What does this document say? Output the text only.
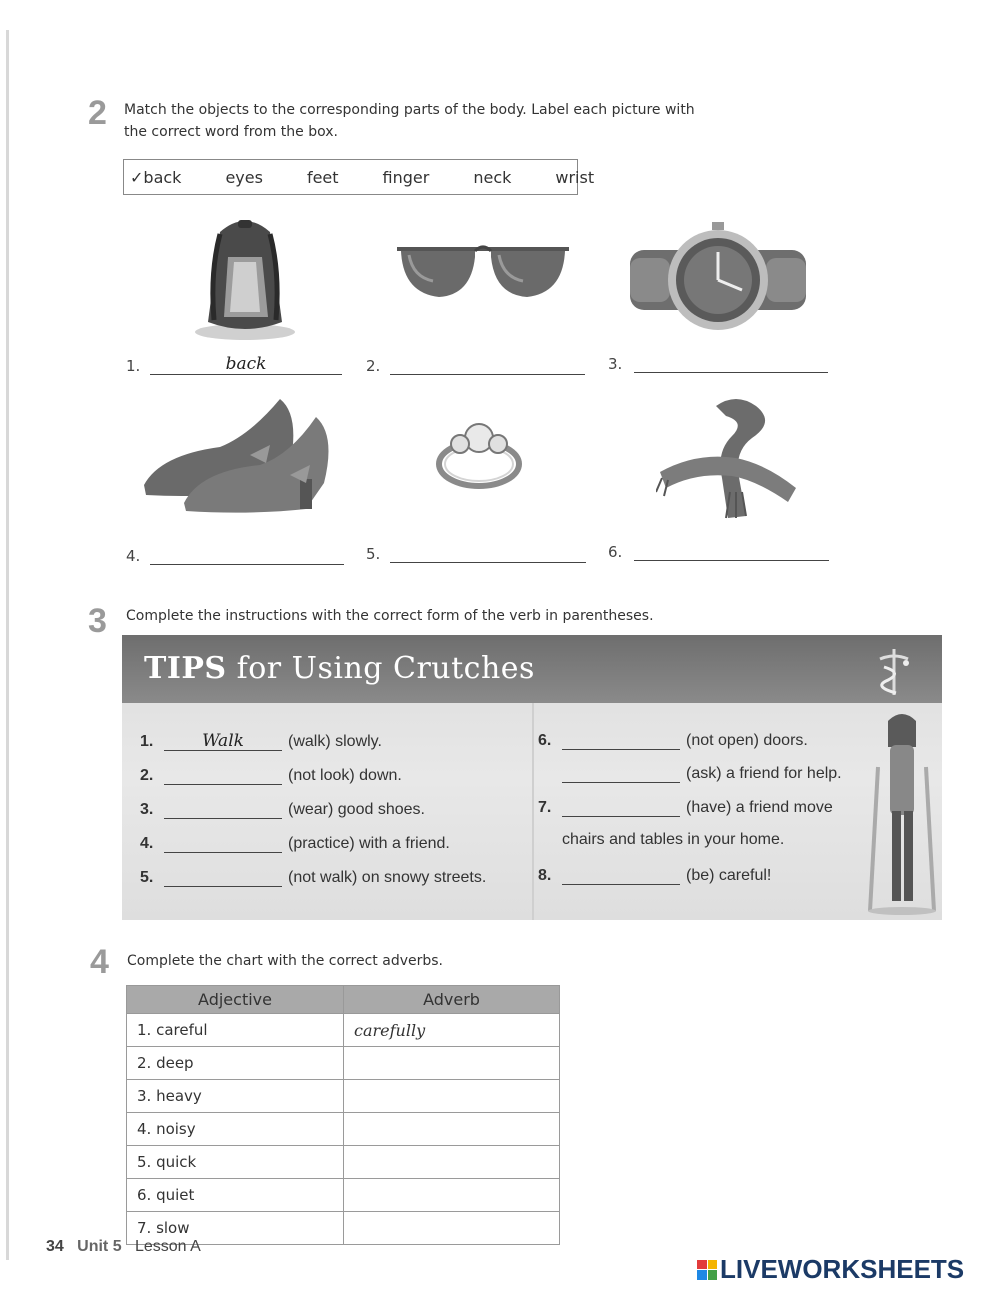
2 Match the objects to the corresponding parts of the body. Label each picture with
the correct word from the box.
✓back	eyes	feet	finger	neck	wrist
1.	back	2.	3.
4.	5.	6.
3 Complete the instructions with the correct form of the verb in parentheses.
TIPS for Using Crutches
1.	Walk	(walk) slowly.
2.	(not look) down.
3.	(wear) good shoes.
4.	(practice) with a friend.
5.	(not walk) on snowy streets.
6.	(not open) doors.
(ask) a friend for help.
7.	(have) a friend move
chairs and tables in your home.
8.	(be) careful!
4 Complete the chart with the correct adverbs.
Adjective	Adverb
1. careful	carefully
2. deep	
3. heavy	
4. noisy	
5. quick	
6. quiet	
7. slow	
34 Unit 5 Lesson A
LIVEWORKSHEETS
